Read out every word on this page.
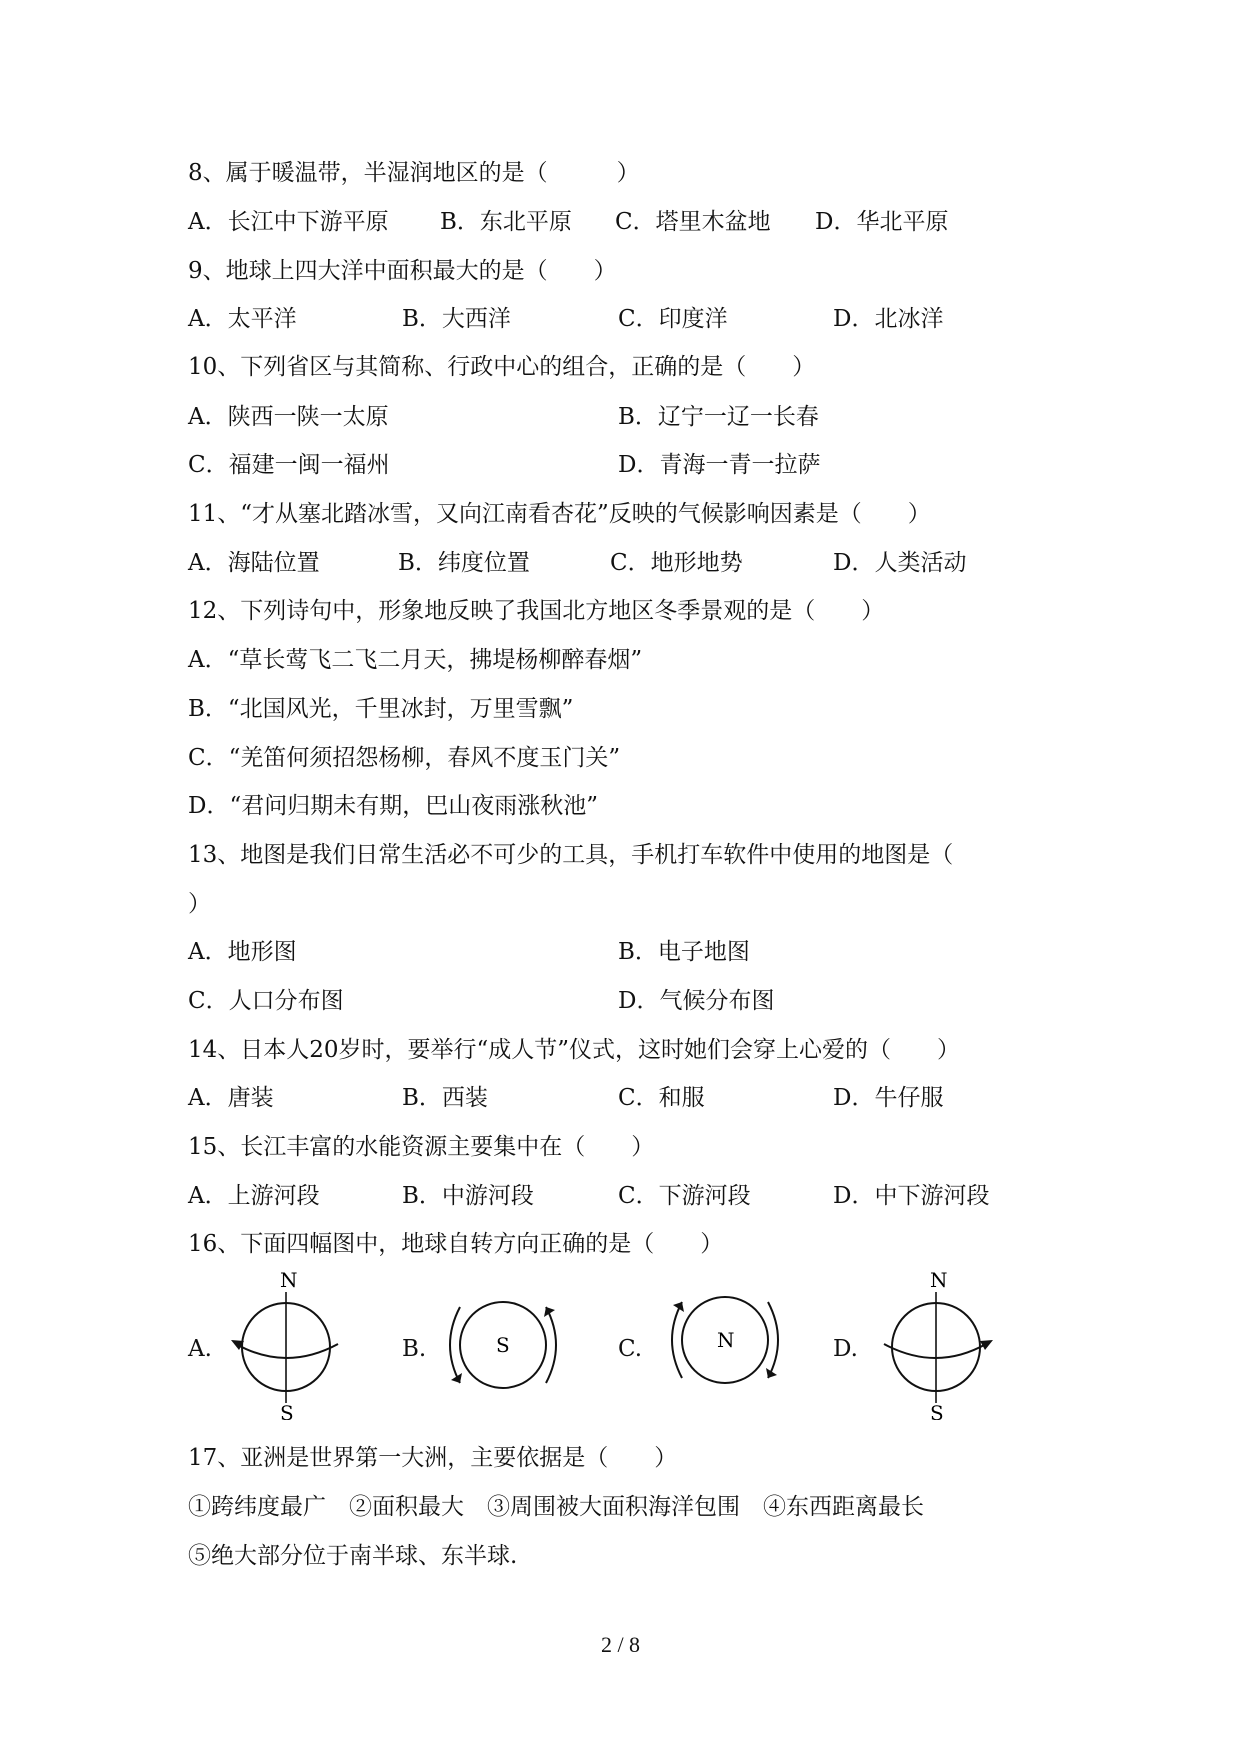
8、属于暖温带，半湿润地区的是（　　　）
A．长江中下游平原 B．东北平原 C．塔里木盆地 D．华北平原
9、地球上四大洋中面积最大的是（　　）
A．太平洋	B．大西洋	C．印度洋	D．北冰洋
10、下列省区与其简称、行政中心的组合，正确的是（　　）
A．陕西一陕一太原	B．辽宁一辽一长春
C．福建一闽一福州	D．青海一青一拉萨
11、“才从塞北踏冰雪，又向江南看杏花”反映的气候影响因素是（　　）
A．海陆位置	B．纬度位置	C．地形地势	D．人类活动
12、下列诗句中，形象地反映了我国北方地区冬季景观的是（　　）
A．“草长莺飞二飞二月天，拂堤杨柳醉春烟”
B．“北国风光，千里冰封，万里雪飘”
C．“羌笛何须招怨杨柳，春风不度玉门关”
D．“君问归期未有期，巴山夜雨涨秋池”
13、地图是我们日常生活必不可少的工具，手机打车软件中使用的地图是（
）
A．地形图	B．电子地图
C．人口分布图	D．气候分布图
14、日本人20岁时，要举行“成人节”仪式，这时她们会穿上心爱的（　　）
A．唐装	B．西装	C．和服	D．牛仔服
15、长江丰富的水能资源主要集中在（　　）
A．上游河段	B．中游河段	C．下游河段	D．中下游河段
16、下面四幅图中，地球自转方向正确的是（　　）
A.
N
S
B.	S	C.	N	D.
N
S
17、亚洲是世界第一大洲，主要依据是（　　）
①跨纬度最广　②面积最大　③周围被大面积海洋包围　④东西距离最长
⑤绝大部分位于南半球、东半球.
2 / 8
